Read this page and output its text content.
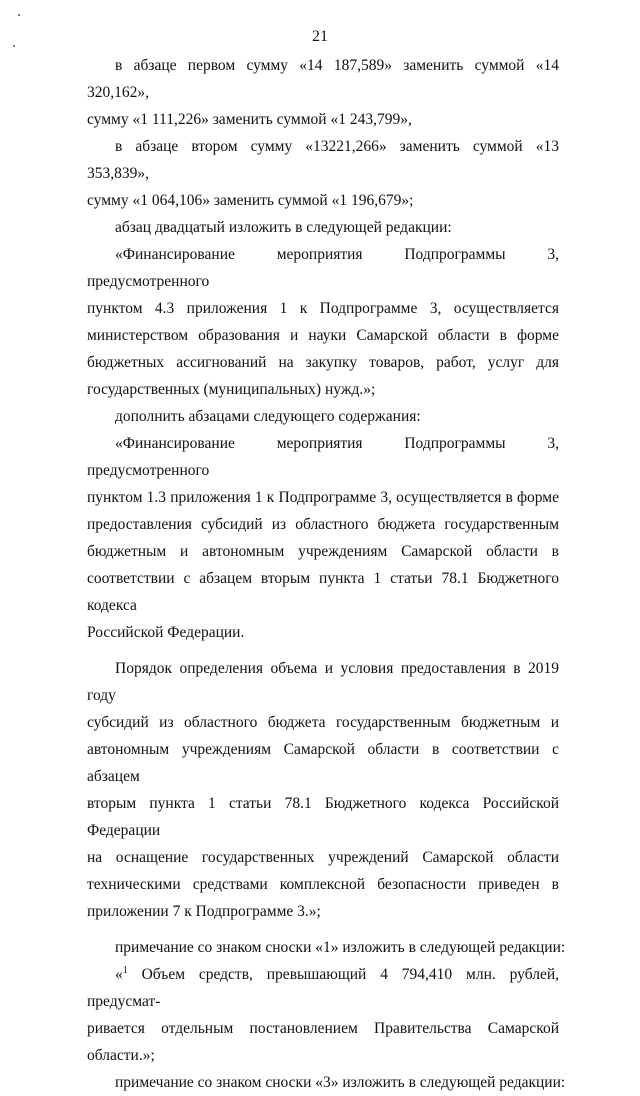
21

в абзаце первом сумму «14 187,589» заменить суммой «14 320,162»,
сумму «1 111,226» заменить суммой «1 243,799»,

в абзаце втором сумму «13221,266» заменить суммой «13 353,839»,
сумму «1 064,106» заменить суммой «1 196,679»;

абзац двадцатый изложить в следующей редакции:

«Финансирование мероприятия Подпрограммы 3, предусмотренного
пунктом 4.3 приложения 1 к Подпрограмме 3, осуществляется
министерством образования и науки Самарской области в форме
бюджетных ассигнований на закупку товаров, работ, услуг для
государственных (муниципальных) нужд.»;

дополнить абзацами следующего содержания:

«Финансирование мероприятия Подпрограммы 3, предусмотренного
пунктом 1.3 приложения 1 к Подпрограмме 3, осуществляется в форме
предоставления субсидий из областного бюджета государственным
бюджетным и автономным учреждениям Самарской области в
соответствии с абзацем вторым пункта 1 статьи 78.1 Бюджетного кодекса
Российской Федерации.

Порядок определения объема и условия предоставления в 2019 году
субсидий из областного бюджета государственным бюджетным и
автономным учреждениям Самарской области в соответствии с абзацем
вторым пункта 1 статьи 78.1 Бюджетного кодекса Российской Федерации
на оснащение государственных учреждений Самарской области
техническими средствами комплексной безопасности приведен в
приложении 7 к Подпрограмме 3.»;

примечание со знаком сноски «1» изложить в следующей редакции:

«$^1$ Объем средств, превышающий 4 794,410 млн. рублей, предусмат-
ривается отдельным постановлением Правительства Самарской
области.»;

примечание со знаком сноски «3» изложить в следующей редакции:
